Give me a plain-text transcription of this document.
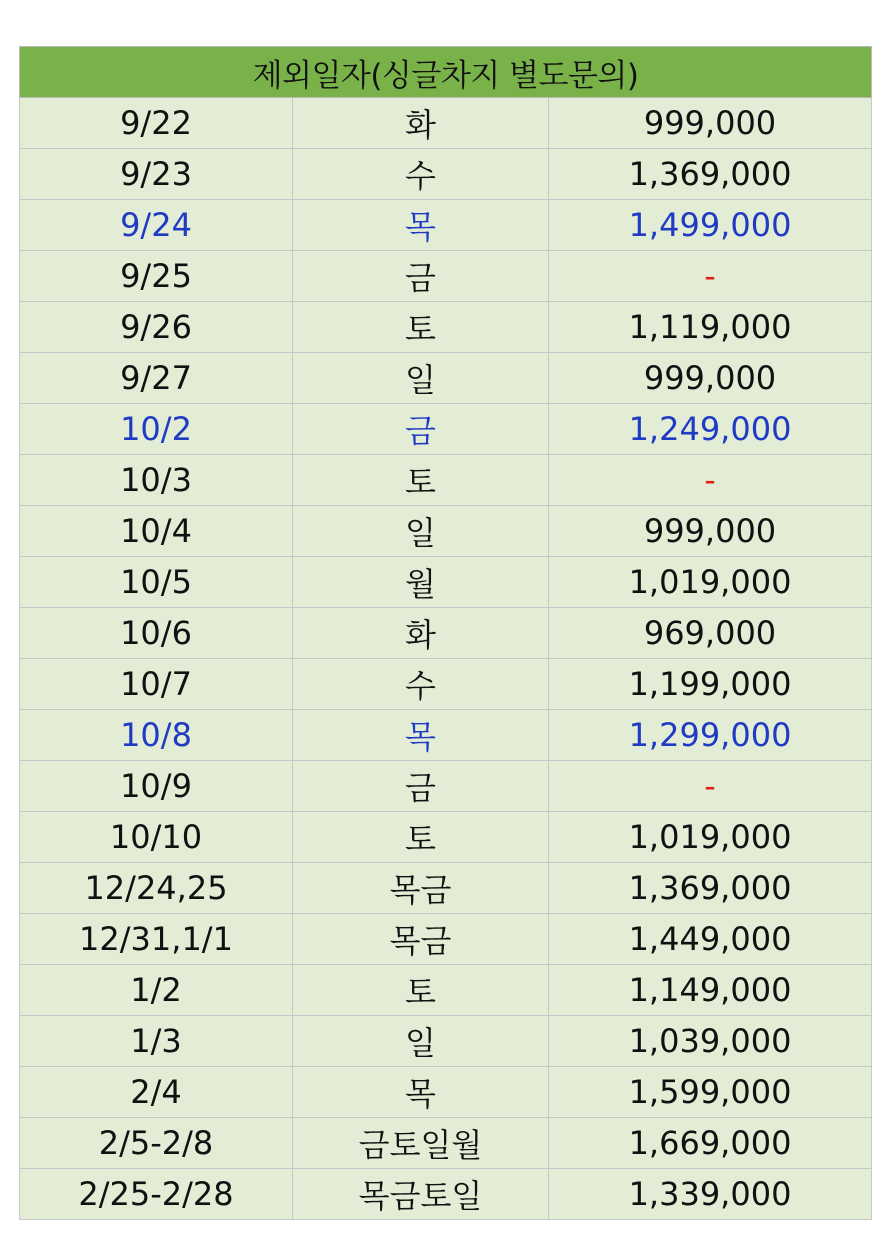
제외일자(싱글차지 별도문의)		
9/22	화	999,000
9/23	수	1,369,000
9/24	목	1,499,000
9/25	금	-
9/26	토	1,119,000
9/27	일	999,000
10/2	금	1,249,000
10/3	토	-
10/4	일	999,000
10/5	월	1,019,000
10/6	화	969,000
10/7	수	1,199,000
10/8	목	1,299,000
10/9	금	-
10/10	토	1,019,000
12/24,25	목금	1,369,000
12/31,1/1	목금	1,449,000
1/2	토	1,149,000
1/3	일	1,039,000
2/4	목	1,599,000
2/5-2/8	금토일월	1,669,000
2/25-2/28	목금토일	1,339,000
